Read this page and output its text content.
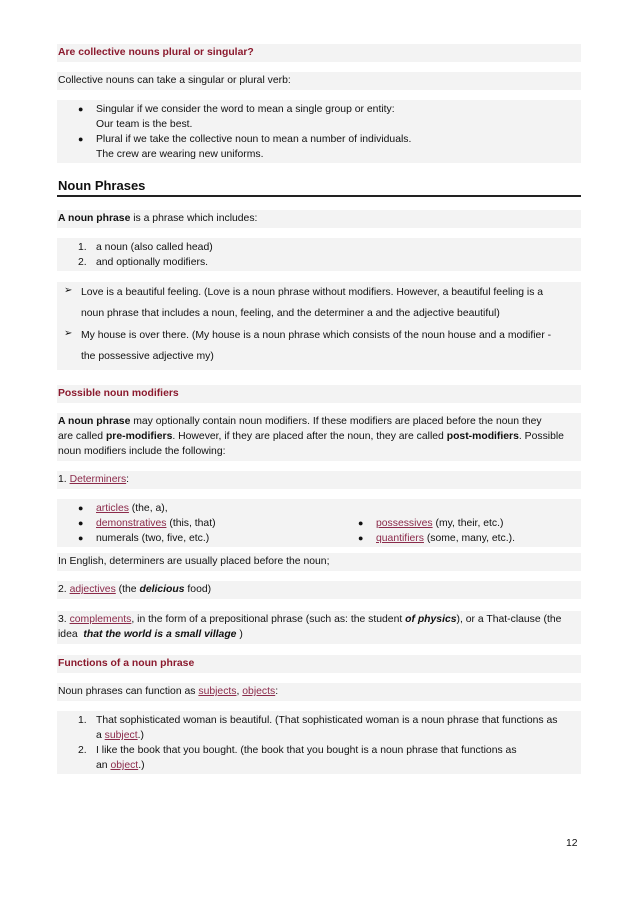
Are collective nouns plural or singular?
Collective nouns can take a singular or plural verb:
● Singular if we consider the word to mean a single group or entity:
Our team is the best.
● Plural if we take the collective noun to mean a number of individuals.
The crew are wearing new uniforms.
Noun Phrases
A noun phrase is a phrase which includes:
1. a noun (also called head)
2. and optionally modifiers.
➢ Love is a beautiful feeling. (Love is a noun phrase without modifiers. However, a beautiful feeling is a
noun phrase that includes a noun, feeling, and the determiner a and the adjective beautiful)
➢ My house is over there. (My house is a noun phrase which consists of the noun house and a modifier -
the possessive adjective my)
Possible noun modifiers
A noun phrase may optionally contain noun modifiers. If these modifiers are placed before the noun they
are called pre-modifiers. However, if they are placed after the noun, they are called post-modifiers. Possible
noun modifiers include the following:
1. Determiners:
● articles (the, a),
● demonstratives (this, that)
● numerals (two, five, etc.)
● possessives (my, their, etc.)
● quantifiers (some, many, etc.).
In English, determiners are usually placed before the noun;
2. adjectives (the delicious food)
3. complements, in the form of a prepositional phrase (such as: the student of physics), or a That-clause (the
idea  that the world is a small village )
Functions of a noun phrase
Noun phrases can function as subjects, objects:
1. That sophisticated woman is beautiful. (That sophisticated woman is a noun phrase that functions as
a subject.)
2. I like the book that you bought. (the book that you bought is a noun phrase that functions as
an object.)
12
